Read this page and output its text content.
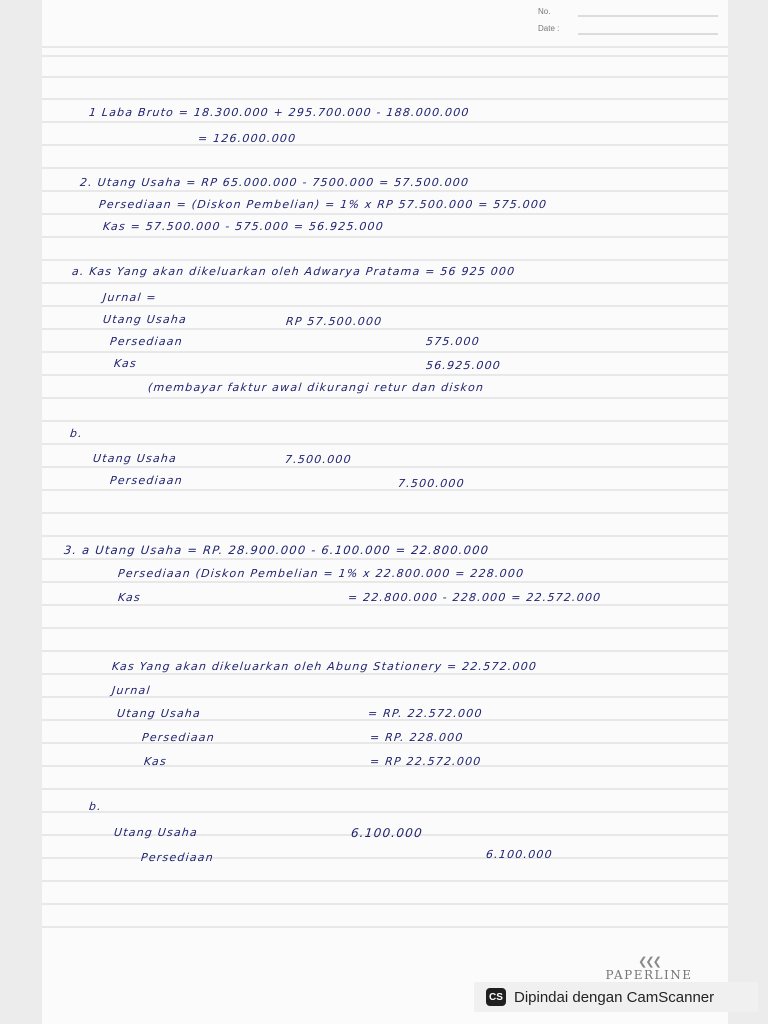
No.
Date :
1 Laba Bruto = 18.300.000 + 295.700.000 - 188.000.000
= 126.000.000
2. Utang Usaha = RP 65.000.000 - 7500.000 = 57.500.000
Persediaan = (Diskon Pembelian) = 1% x RP 57.500.000 = 575.000
Kas = 57.500.000 - 575.000 = 56.925.000
a. Kas Yang akan dikeluarkan oleh Adwarya Pratama = 56 925 000
Jurnal =
Utang Usaha	RP 57.500.000
Persediaan	575.000
Kas	56.925.000
(membayar faktur awal dikurangi retur dan diskon
b.
Utang Usaha	7.500.000
Persediaan	7.500.000
3. a Utang Usaha = RP. 28.900.000 - 6.100.000 = 22.800.000
Persediaan (Diskon Pembelian = 1% x 22.800.000 = 228.000
Kas	= 22.800.000 - 228.000 = 22.572.000
Kas Yang akan dikeluarkan oleh Abung Stationery = 22.572.000
Jurnal
Utang Usaha	= RP. 22.572.000
Persediaan	= RP. 228.000
Kas	= RP 22.572.000
b.
Utang Usaha	6.100.000
Persediaan	6.100.000
❮❮❮
PAPERLINE
CS Dipindai dengan CamScanner
